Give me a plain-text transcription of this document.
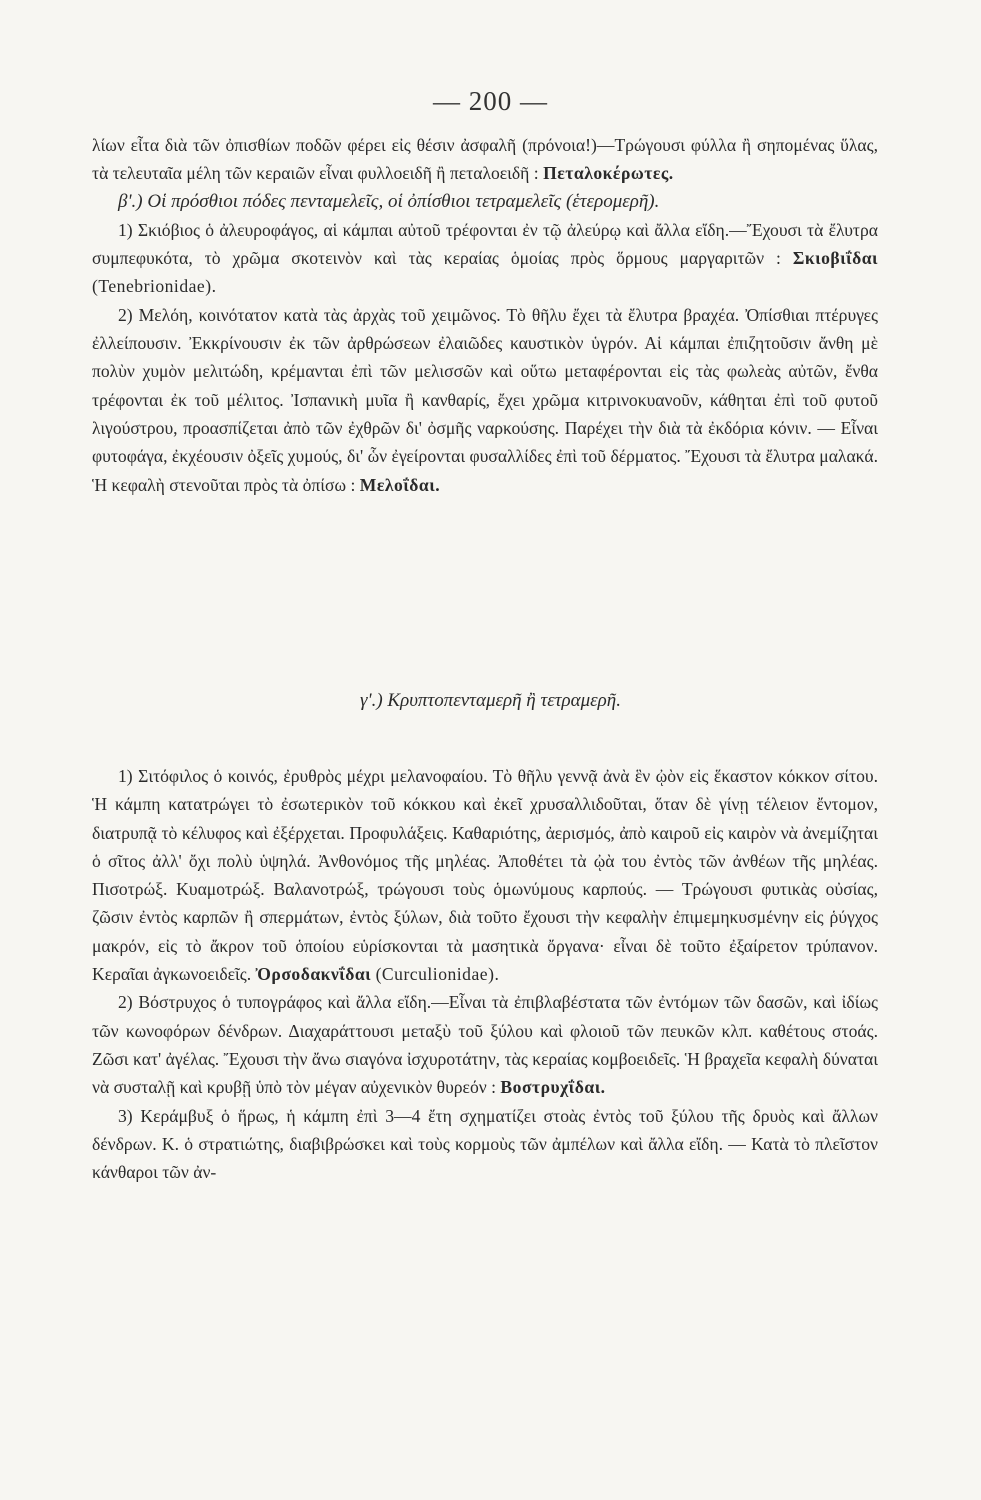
— 200 —

λίων εἶτα διὰ τῶν ὀπισθίων ποδῶν φέρει εἰς θέσιν ἀσφαλῆ (πρόνοια!)—Τρώγουσι φύλλα ἢ σηπομένας ὕλας, τὰ τελευταῖα μέλη τῶν κεραιῶν εἶναι φυλλοειδῆ ἢ πεταλοειδῆ : Πεταλοκέρωτες.

β'.) Οἱ πρόσθιοι πόδες πενταμελεῖς, οἱ ὀπίσθιοι τετραμελεῖς (ἑτερομερῆ).

1) Σκιόβιος ὁ ἀλευροφάγος, αἱ κάμπαι αὐτοῦ τρέφονται ἐν τῷ ἀλεύρῳ καὶ ἄλλα εἴδη.—Ἔχουσι τὰ ἔλυτρα συμπεφυκότα, τὸ χρῶμα σκοτεινὸν καὶ τὰς κεραίας ὁμοίας πρὸς ὅρμους μαργαριτῶν : Σκιοβιΐδαι (Tenebrionidae).

2) Μελόη, κοινότατον κατὰ τὰς ἀρχὰς τοῦ χειμῶνος. Τὸ θῆλυ ἔχει τὰ ἔλυτρα βραχέα. Ὀπίσθιαι πτέρυγες ἐλλείπουσιν. Ἐκκρίνουσιν ἐκ τῶν ἀρθρώσεων ἐλαιῶδες καυστικὸν ὑγρόν. Αἱ κάμπαι ἐπιζητοῦσιν ἄνθη μὲ πολὺν χυμὸν μελιτώδη, κρέμανται ἐπὶ τῶν μελισσῶν καὶ οὕτω μεταφέρονται εἰς τὰς φωλεὰς αὐτῶν, ἔνθα τρέφονται ἐκ τοῦ μέλιτος. Ἰσπανικὴ μυῖα ἢ κανθαρίς, ἔχει χρῶμα κιτρινοκυανοῦν, κάθηται ἐπὶ τοῦ φυτοῦ λιγούστρου, προασπίζεται ἀπὸ τῶν ἐχθρῶν δι' ὀσμῆς ναρκούσης. Παρέχει τὴν διὰ τὰ ἐκδόρια κόνιν. — Εἶναι φυτοφάγα, ἐκχέουσιν ὀξεῖς χυμούς, δι' ὧν ἐγείρονται φυσαλλίδες ἐπὶ τοῦ δέρματος. Ἔχουσι τὰ ἔλυτρα μαλακά. Ἡ κεφαλὴ στενοῦται πρὸς τὰ ὀπίσω : Μελοΐδαι.

γ'.) Κρυπτοπενταμερῆ ἢ τετραμερῆ.

1) Σιτόφιλος ὁ κοινός, ἐρυθρὸς μέχρι μελανοφαίου. Τὸ θῆλυ γεννᾷ ἀνὰ ἓν ᾠὸν εἰς ἕκαστον κόκκον σίτου. Ἡ κάμπη κατατρώγει τὸ ἐσωτερικὸν τοῦ κόκκου καὶ ἐκεῖ χρυσαλλιδοῦται, ὅταν δὲ γίνῃ τέλειον ἔντομον, διατρυπᾷ τὸ κέλυφος καὶ ἐξέρχεται. Προφυλάξεις. Καθαριότης, ἀερισμός, ἀπὸ καιροῦ εἰς καιρὸν νὰ ἀνεμίζηται ὁ σῖτος ἀλλ' ὄχι πολὺ ὑψηλά. Ἀνθονόμος τῆς μηλέας. Ἀποθέτει τὰ ᾠὰ του ἐντὸς τῶν ἀνθέων τῆς μηλέας. Πισοτρώξ. Κυαμοτρώξ. Βαλανοτρώξ, τρώγουσι τοὺς ὁμωνύμους καρπούς. — Τρώγουσι φυτικὰς οὐσίας, ζῶσιν ἐντὸς καρπῶν ἢ σπερμάτων, ἐντὸς ξύλων, διὰ τοῦτο ἔχουσι τὴν κεφαλὴν ἐπιμεμηκυσμένην εἰς ῥύγχος μακρόν, εἰς τὸ ἄκρον τοῦ ὁποίου εὑρίσκονται τὰ μασητικὰ ὄργανα· εἶναι δὲ τοῦτο ἐξαίρετον τρύπανον. Κεραῖαι ἀγκωνοειδεῖς. Ὀρσοδακνΐδαι (Curculionidae).

2) Βόστρυχος ὁ τυπογράφος καὶ ἄλλα εἴδη.—Εἶναι τὰ ἐπιβλαβέστατα τῶν ἐντόμων τῶν δασῶν, καὶ ἰδίως τῶν κωνοφόρων δένδρων. Διαχαράττουσι μεταξὺ τοῦ ξύλου καὶ φλοιοῦ τῶν πευκῶν κλπ. καθέτους στοάς. Ζῶσι κατ' ἀγέλας. Ἔχουσι τὴν ἄνω σιαγόνα ἰσχυροτάτην, τὰς κεραίας κομβοειδεῖς. Ἡ βραχεῖα κεφαλὴ δύναται νὰ συσταλῇ καὶ κρυβῇ ὑπὸ τὸν μέγαν αὐχενικὸν θυρεόν : Βοστρυχΐδαι.

3) Κεράμβυξ ὁ ἥρως, ἡ κάμπη ἐπὶ 3—4 ἔτη σχηματίζει στοὰς ἐντὸς τοῦ ξύλου τῆς δρυὸς καὶ ἄλλων δένδρων. Κ. ὁ στρατιώτης, διαβιβρώσκει καὶ τοὺς κορμοὺς τῶν ἀμπέλων καὶ ἄλλα εἴδη. — Κατὰ τὸ πλεῖστον κάνθαροι τῶν ἀν-
